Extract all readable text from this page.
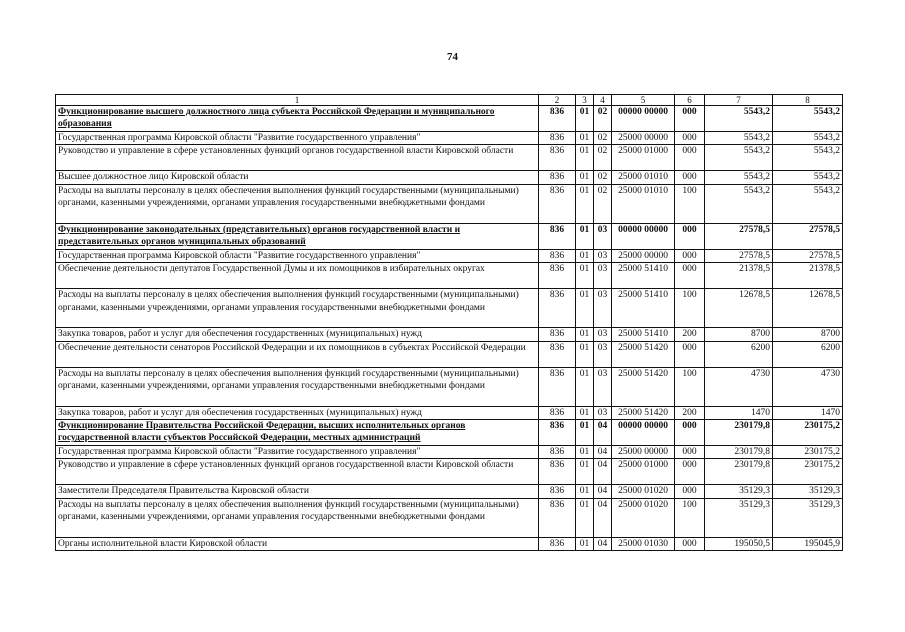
74
1	2	3	4	5	6	7	8
Функционирование высшего должностного лица субъекта Российской Федерации и муниципального образования	836	01	02	00000 00000	000	5543,2	5543,2
Государственная программа Кировской области "Развитие государственного управления"	836	01	02	25000 00000	000	5543,2	5543,2
Руководство и управление в сфере установленных функций органов государственной власти Кировской области	836	01	02	25000 01000	000	5543,2	5543,2
Высшее должностное лицо Кировской области	836	01	02	25000 01010	000	5543,2	5543,2
Расходы на выплаты персоналу в целях обеспечения выполнения функций государственными (муниципальными) органами, казенными учреждениями, органами управления государственными внебюджетными фондами	836	01	02	25000 01010	100	5543,2	5543,2
Функционирование законодательных (представительных) органов государственной власти и представительных органов муниципальных образований	836	01	03	00000 00000	000	27578,5	27578,5
Государственная программа Кировской области "Развитие государственного управления"	836	01	03	25000 00000	000	27578,5	27578,5
Обеспечение деятельности депутатов Государственной Думы и их помощников в избирательных округах	836	01	03	25000 51410	000	21378,5	21378,5
Расходы на выплаты персоналу в целях обеспечения выполнения функций государственными (муниципальными) органами, казенными учреждениями, органами управления государственными внебюджетными фондами	836	01	03	25000 51410	100	12678,5	12678,5
Закупка товаров, работ и услуг для обеспечения государственных (муниципальных) нужд	836	01	03	25000 51410	200	8700	8700
Обеспечение деятельности сенаторов Российской Федерации и их помощников в субъектах Российской Федерации	836	01	03	25000 51420	000	6200	6200
Расходы на выплаты персоналу в целях обеспечения выполнения функций государственными (муниципальными) органами, казенными учреждениями, органами управления государственными внебюджетными фондами	836	01	03	25000 51420	100	4730	4730
Закупка товаров, работ и услуг для обеспечения государственных (муниципальных) нужд	836	01	03	25000 51420	200	1470	1470
Функционирование Правительства Российской Федерации, высших исполнительных органов государственной власти субъектов Российской Федерации, местных администраций	836	01	04	00000 00000	000	230179,8	230175,2
Государственная программа Кировской области "Развитие государственного управления"	836	01	04	25000 00000	000	230179,8	230175,2
Руководство и управление в сфере установленных функций органов государственной власти Кировской области	836	01	04	25000 01000	000	230179,8	230175,2
Заместители Председателя Правительства Кировской области	836	01	04	25000 01020	000	35129,3	35129,3
Расходы на выплаты персоналу в целях обеспечения выполнения функций государственными (муниципальными) органами, казенными учреждениями, органами управления государственными внебюджетными фондами	836	01	04	25000 01020	100	35129,3	35129,3
Органы исполнительной власти Кировской области	836	01	04	25000 01030	000	195050,5	195045,9
